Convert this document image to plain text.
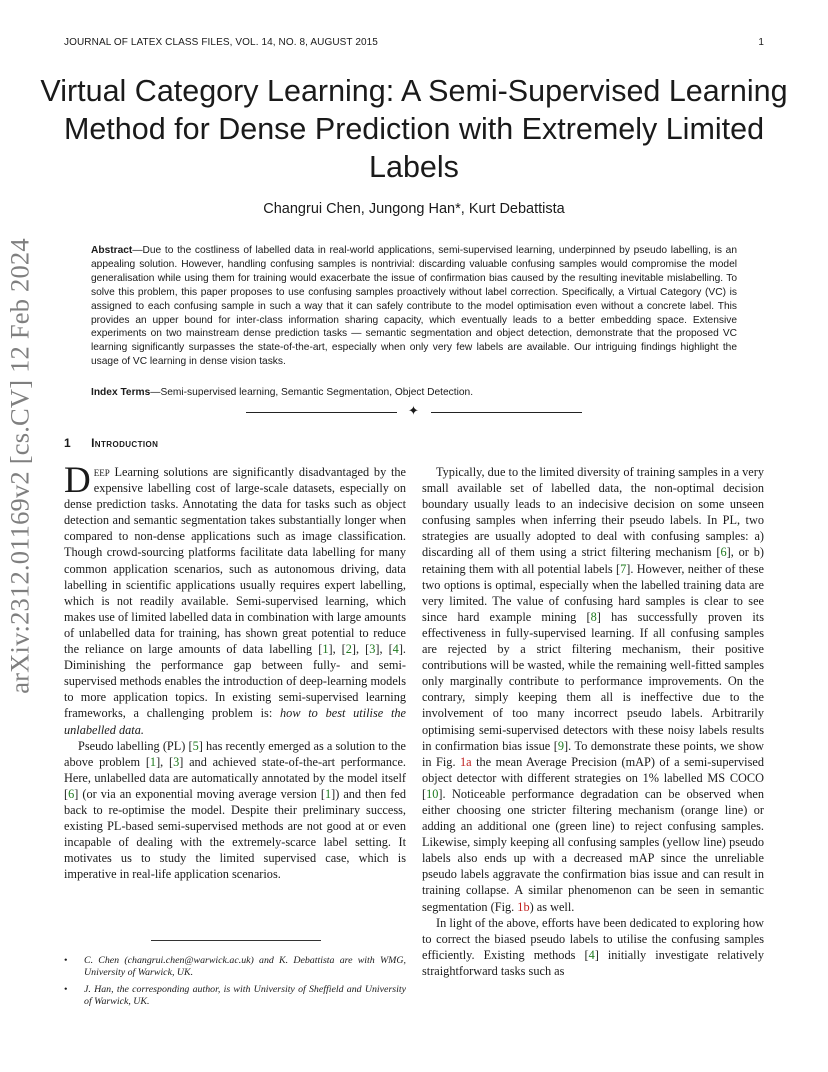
JOURNAL OF LATEX CLASS FILES, VOL. 14, NO. 8, AUGUST 2015	1
Virtual Category Learning: A Semi-Supervised Learning Method for Dense Prediction with Extremely Limited Labels
Changrui Chen, Jungong Han*, Kurt Debattista

Abstract—Due to the costliness of labelled data in real-world applications, semi-supervised learning, underpinned by pseudo labelling, is an appealing solution. However, handling confusing samples is nontrivial: discarding valuable confusing samples would compromise the model generalisation while using them for training would exacerbate the issue of confirmation bias caused by the resulting inevitable mislabelling. To solve this problem, this paper proposes to use confusing samples proactively without label correction. Specifically, a Virtual Category (VC) is assigned to each confusing sample in such a way that it can safely contribute to the model optimisation even without a concrete label. This provides an upper bound for inter-class information sharing capacity, which eventually leads to a better embedding space. Extensive experiments on two mainstream dense prediction tasks — semantic segmentation and object detection, demonstrate that the proposed VC learning significantly surpasses the state-of-the-art, especially when only very few labels are available. Our intriguing findings highlight the usage of VC learning in dense vision tasks.

Index Terms—Semi-supervised learning, Semantic Segmentation, Object Detection.

✦
arXiv:2312.01169v2 [cs.CV] 12 Feb 2024 1 Introduction

Deep Learning solutions are significantly disadvantaged by the expensive labelling cost of large-scale datasets, especially on dense prediction tasks. Annotating the data for tasks such as object detection and semantic segmentation takes substantially longer when compared to non-dense applications such as image classification. Though crowd-sourcing platforms facilitate data labelling for many common application scenarios, such as autonomous driving, data labelling in scientific applications usually requires expert labelling, which is not readily available. Semi-supervised learning, which makes use of limited labelled data in combination with large amounts of unlabelled data for training, has shown great potential to reduce the reliance on large amounts of data labelling [1], [2], [3], [4]. Diminishing the performance gap between fully- and semi-supervised methods enables the introduction of deep-learning models to more application topics. In existing semi-supervised learning frameworks, a challenging problem is: how to best utilise the unlabelled data.

Pseudo labelling (PL) [5] has recently emerged as a solution to the above problem [1], [3] and achieved state-of-the-art performance. Here, unlabelled data are automatically annotated by the model itself [6] (or via an exponential moving average version [1]) and then fed back to re-optimise the model. Despite their preliminary success, existing PL-based semi-supervised methods are not good at or even incapable of dealing with the extremely-scarce label setting. It motivates us to study the limited supervised case, which is imperative in real-life application scenarios.

Typically, due to the limited diversity of training samples in a very small available set of labelled data, the non-optimal decision boundary usually leads to an indecisive decision on some unseen confusing samples when inferring their pseudo labels. In PL, two strategies are usually adopted to deal with confusing samples: a) discarding all of them using a strict filtering mechanism [6], or b) retaining them with all potential labels [7]. However, neither of these two options is optimal, especially when the labelled training data are very limited. The value of confusing hard samples is clear to see since hard example mining [8] has successfully proven its effectiveness in fully-supervised learning. If all confusing samples are rejected by a strict filtering mechanism, their positive contributions will be wasted, while the remaining well-fitted samples only marginally contribute to performance improvements. On the contrary, simply keeping them all is ineffective due to the involvement of too many incorrect pseudo labels. Arbitrarily optimising semi-supervised detectors with these noisy labels results in confirmation bias issue [9]. To demonstrate these points, we show in Fig. 1a the mean Average Precision (mAP) of a semi-supervised object detector with different strategies on 1% labelled MS COCO [10]. Noticeable performance degradation can be observed when either choosing one stricter filtering mechanism (orange line) or adding an additional one (green line) to reject confusing samples. Likewise, simply keeping all confusing samples (yellow line) pseudo labels also ends up with a decreased mAP since the unreliable pseudo labels aggravate the confirmation bias issue and can result in training collapse. A similar phenomenon can be seen in semantic segmentation (Fig. 1b) as well.

In light of the above, efforts have been dedicated to exploring how to correct the biased pseudo labels to utilise the confusing samples efficiently. Existing methods [4] initially investigate relatively straightforward tasks such as

• C. Chen (changrui.chen@warwick.ac.uk) and K. Debattista are with WMG, University of Warwick, UK.
• J. Han, the corresponding author, is with University of Sheffield and University of Warwick, UK.
